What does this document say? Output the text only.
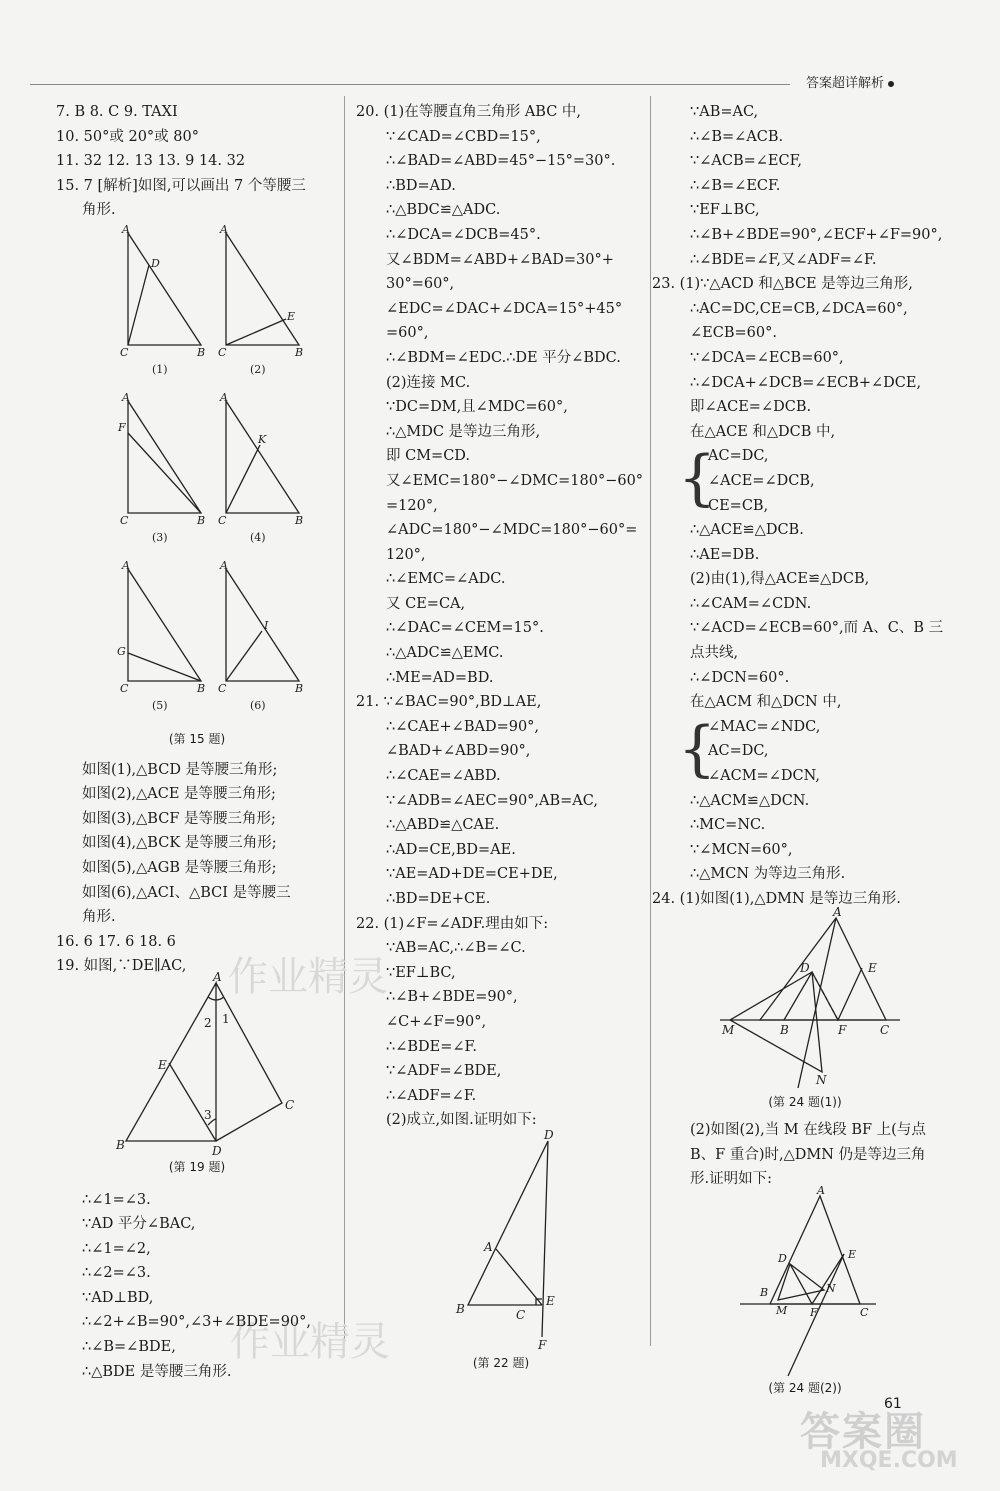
答案超详解析
作业精灵
作业精灵
7. B 8. C 9. TAXI
10. 50°或 20°或 80°
11. 32 12. 13 13. 9 14. 32
15. 7 [解析]如图,可以画出 7 个等腰三
角形.
A
C	B
D
A
C	B
E
A
F
C	B
A
K
C	B
A
G
C	B
A
I
C	B
(1)	(2)
(3)	(4)
(5)	(6)
(第 15 题)
如图(1),△BCD 是等腰三角形;
如图(2),△ACE 是等腰三角形;
如图(3),△BCF 是等腰三角形;
如图(4),△BCK 是等腰三角形;
如图(5),△AGB 是等腰三角形;
如图(6),△ACI、△BCI 是等腰三
角形.
16. 6 17. 6 18. 6
19. 如图,∵DE∥AC,
A
B	D
C
E
2 1
3
(第 19 题)
∴∠1=∠3.
∵AD 平分∠BAC,
∴∠1=∠2,
∴∠2=∠3.
∵AD⊥BD,
∴∠2+∠B=90°,∠3+∠BDE=90°,
∴∠B=∠BDE,
∴△BDE 是等腰三角形.
20. (1)在等腰直角三角形 ABC 中,
∵∠CAD=∠CBD=15°,
∴∠BAD=∠ABD=45°−15°=30°.
∴BD=AD.
∴△BDC≌△ADC.
∴∠DCA=∠DCB=45°.
又∠BDM=∠ABD+∠BAD=30°+
30°=60°,
∠EDC=∠DAC+∠DCA=15°+45°
=60°,
∴∠BDM=∠EDC.∴DE 平分∠BDC.
(2)连接 MC.
∵DC=DM,且∠MDC=60°,
∴△MDC 是等边三角形,
即 CM=CD.
又∠EMC=180°−∠DMC=180°−60°
=120°,
∠ADC=180°−∠MDC=180°−60°=
120°,
∴∠EMC=∠ADC.
又 CE=CA,
∴∠DAC=∠CEM=15°.
∴△ADC≌△EMC.
∴ME=AD=BD.
21. ∵∠BAC=90°,BD⊥AE,
∴∠CAE+∠BAD=90°,
∠BAD+∠ABD=90°,
∴∠CAE=∠ABD.
∵∠ADB=∠AEC=90°,AB=AC,
∴△ABD≌△CAE.
∴AD=CE,BD=AE.
∵AE=AD+DE=CE+DE,
∴BD=DE+CE.
22. (1)∠F=∠ADF.理由如下:
∵AB=AC,∴∠B=∠C.
∵EF⊥BC,
∴∠B+∠BDE=90°,
∠C+∠F=90°,
∴∠BDE=∠F.
∵∠ADF=∠BDE,
∴∠ADF=∠F.
(2)成立,如图.证明如下:
D
A
B	C
E
F
(第 22 题)
∵AB=AC,
∴∠B=∠ACB.
∵∠ACB=∠ECF,
∴∠B=∠ECF.
∵EF⊥BC,
∴∠B+∠BDE=90°,∠ECF+∠F=90°,
∴∠BDE=∠F,又∠ADF=∠F.
23. (1)∵△ACD 和△BCE 是等边三角形,
∴AC=DC,CE=CB,∠DCA=60°,
∠ECB=60°.
∵∠DCA=∠ECB=60°,
∴∠DCA+∠DCB=∠ECB+∠DCE,
即∠ACE=∠DCB.
在△ACE 和△DCB 中,
{
AC=DC,
∠ACE=∠DCB,
CE=CB,
∴△ACE≌△DCB.
∴AE=DB.
(2)由(1),得△ACE≌△DCB,
∴∠CAM=∠CDN.
∵∠ACD=∠ECB=60°,而 A、C、B 三
点共线,
∴∠DCN=60°.
在△ACM 和△DCN 中,
{
∠MAC=∠NDC,
AC=DC,
∠ACM=∠DCN,
∴△ACM≌△DCN.
∴MC=NC.
∵∠MCN=60°,
∴△MCN 为等边三角形.
24. (1)如图(1),△DMN 是等边三角形.
A
D	E
M	B	F	C
N
(第 24 题(1))
(2)如图(2),当 M 在线段 BF 上(与点
B、F 重合)时,△DMN 仍是等边三角
形.证明如下:
A
D	E
B
M
N
F	C
(第 24 题(2))
61
答案圈
MXQE.COM
